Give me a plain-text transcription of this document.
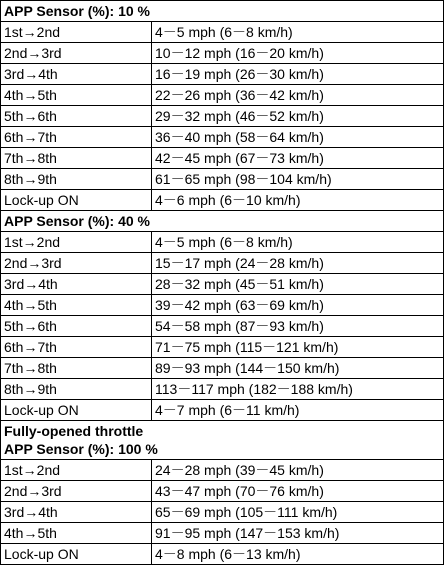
APP Sensor (%): 10 %	
1st→2nd	4－5 mph (6－8 km/h)
2nd→3rd	10－12 mph (16－20 km/h)
3rd→4th	16－19 mph (26－30 km/h)
4th→5th	22－26 mph (36－42 km/h)
5th→6th	29－32 mph (46－52 km/h)
6th→7th	36－40 mph (58－64 km/h)
7th→8th	42－45 mph (67－73 km/h)
8th→9th	61－65 mph (98－104 km/h)
Lock-up ON	4－6 mph (6－10 km/h)
APP Sensor (%): 40 %	
1st→2nd	4－5 mph (6－8 km/h)
2nd→3rd	15－17 mph (24－28 km/h)
3rd→4th	28－32 mph (45－51 km/h)
4th→5th	39－42 mph (63－69 km/h)
5th→6th	54－58 mph (87－93 km/h)
6th→7th	71－75 mph (115－121 km/h)
7th→8th	89－93 mph (144－150 km/h)
8th→9th	113－117 mph (182－188 km/h)
Lock-up ON	4－7 mph (6－11 km/h)

Fully-opened throttle
APP Sensor (%): 100 %	

1st→2nd	24－28 mph (39－45 km/h)
2nd→3rd	43－47 mph (70－76 km/h)
3rd→4th	65－69 mph (105－111 km/h)
4th→5th	91－95 mph (147－153 km/h)
Lock-up ON	4－8 mph (6－13 km/h)
